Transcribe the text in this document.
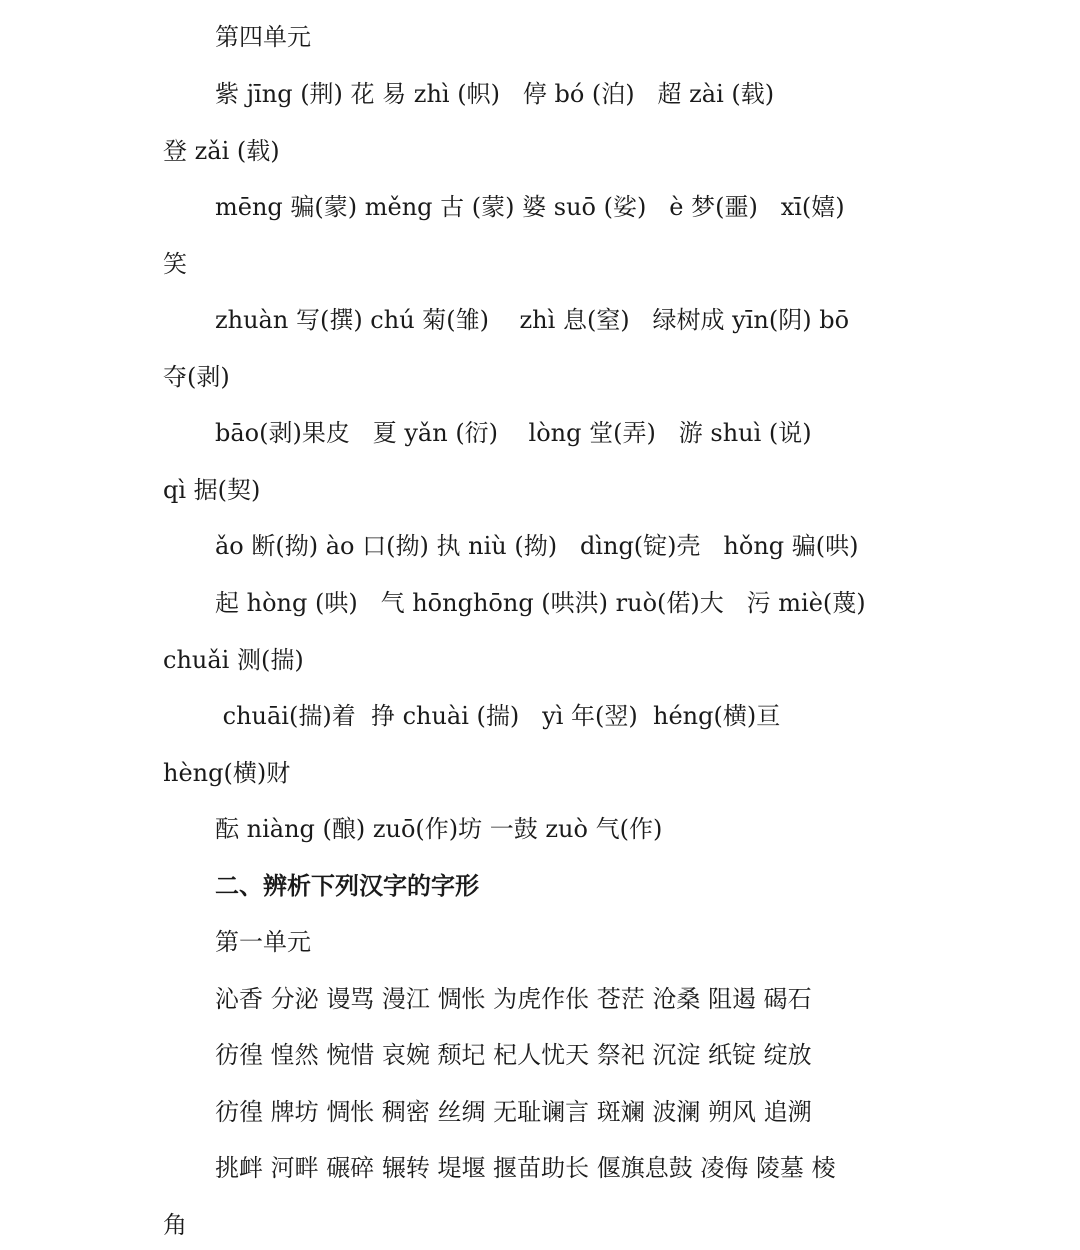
第四单元
紫 jīng (荆) 花 易 zhì (帜)   停 bó (泊)   超 zài (载)
登 zǎi (载)
mēng 骗(蒙) měng 古 (蒙) 婆 suō (娑)   è 梦(噩)   xī(嬉)
笑
zhuàn 写(撰) chú 菊(雏)    zhì 息(窒)   绿树成 yīn(阴) bō
夺(剥)
bāo(剥)果皮   夏 yǎn (衍)    lòng 堂(弄)   游 shuì (说)
qì 据(契)
ǎo 断(拗) ào 口(拗) 执 niù (拗)   dìng(锭)壳   hǒng 骗(哄)
起 hòng (哄)   气 hōnghōng (哄洪) ruò(偌)大   污 miè(蔑)
chuǎi 测(揣)
chuāi(揣)着  挣 chuài (揣)   yì 年(翌)  héng(横)亘
hèng(横)财
酝 niàng (酿) zuō(作)坊 一鼓 zuò 气(作)
二、辨析下列汉字的字形
第一单元
沁香 分泌 谩骂 漫江 惆怅 为虎作伥 苍茫 沧桑 阻遏 碣石
彷徨 惶然 惋惜 哀婉 颓圮 杞人忧天 祭祀 沉淀 纸锭 绽放
彷徨 牌坊 惆怅 稠密 丝绸 无耻谰言 斑斓 波澜 朔风 追溯
挑衅 河畔 碾碎 辗转 堤堰 揠苗助长 偃旗息鼓 凌侮 陵墓 棱
角
